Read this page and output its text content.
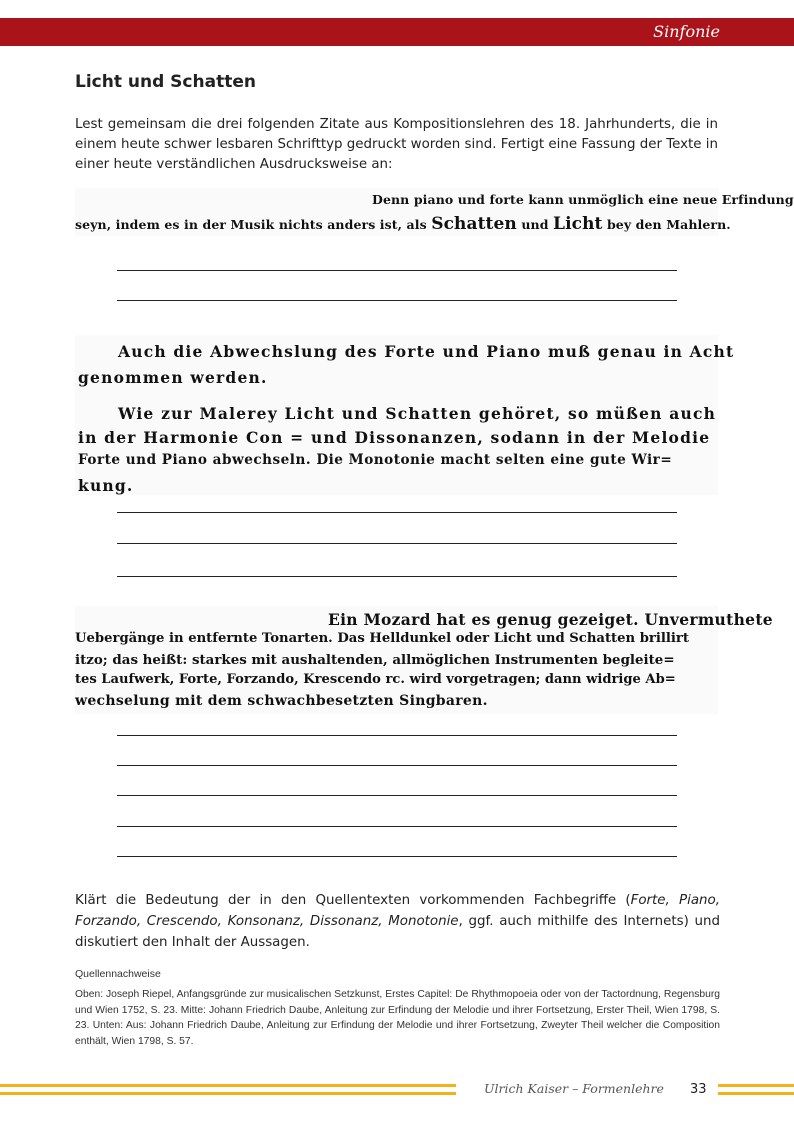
Sinfonie
Licht und Schatten

Lest gemeinsam die drei folgenden Zitate aus Kompositionslehren des 18. Jahrhunderts, die in einem heute schwer lesbaren Schrifttyp gedruckt worden sind. Fertigt eine Fassung der Texte in einer heute verständlichen Ausdrucksweise an:

Denn piano und forte kann unmöglich eine neue Erfindung
seyn, indem es in der Musik nichts anders ist, als Schatten und Licht bey den Mahlern.
Auch die Abwechslung des Forte und Piano muß genau in Acht
genommen werden.
Wie zur Malerey Licht und Schatten gehöret, so müßen auch
in der Harmonie Con = und Dissonanzen, sodann in der Melodie
Forte und Piano abwechseln. Die Monotonie macht selten eine gute Wir=
kung.
Ein Mozard hat es genug gezeiget. Unvermuthete
Uebergänge in entfernte Tonarten. Das Helldunkel oder Licht und Schatten brillirt
itzo; das heißt: starkes mit aushaltenden, allmöglichen Instrumenten begleite=
tes Laufwerk, Forte, Forzando, Krescendo rc. wird vorgetragen; dann widrige Ab=
wechselung mit dem schwachbesetzten Singbaren.

Klärt die Bedeutung der in den Quellentexten vorkommenden Fachbegriffe (Forte, Piano, Forzando, Crescendo, Konsonanz, Dissonanz, Monotonie, ggf. auch mithilfe des Internets) und diskutiert den Inhalt der Aussagen.

Quellennachweise

Oben: Joseph Riepel, Anfangsgründe zur musicalischen Setzkunst, Erstes Capitel: De Rhythmopoeia oder von der Tactordnung, Regensburg und Wien 1752, S. 23. Mitte: Johann Friedrich Daube, Anleitung zur Erfindung der Melodie und ihrer Fortsetzung, Erster Theil, Wien 1798, S. 23. Unten: Aus: Johann Friedrich Daube, Anleitung zur Erfindung der Melodie und ihrer Fortsetzung, Zweyter Theil welcher die Composition enthält, Wien 1798, S. 57.

Ulrich Kaiser – Formenlehre 33
